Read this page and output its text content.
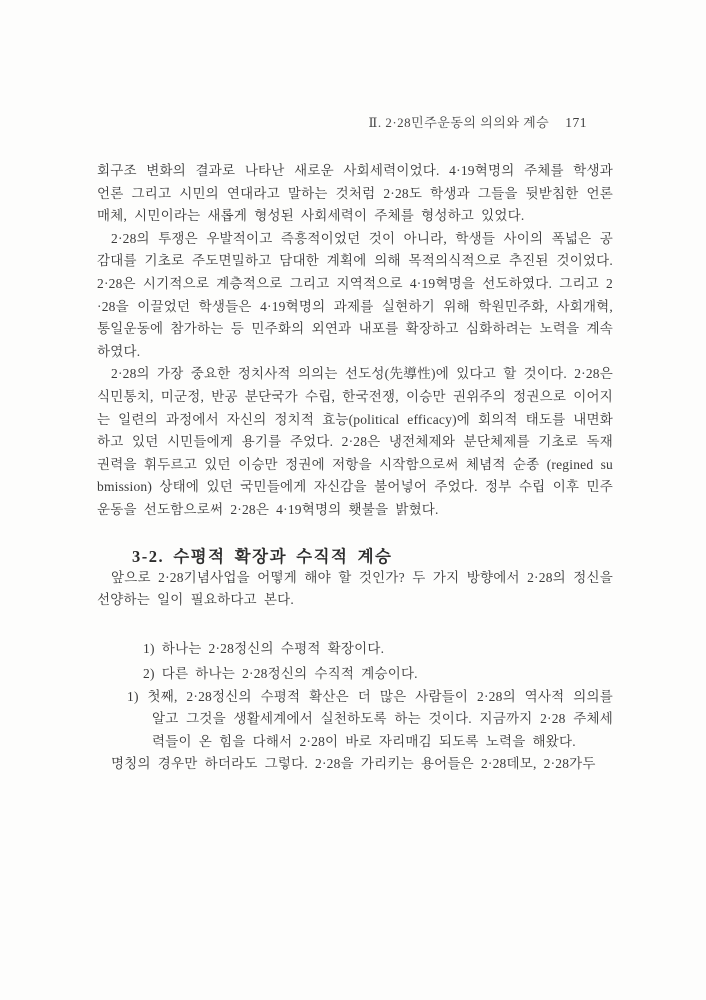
Ⅱ. 2·28민주운동의 의의와 계승 171

회구조 변화의 결과로 나타난 새로운 사회세력이었다. 4·19혁명의 주체를 학생과 언론 그리고 시민의 연대라고 말하는 것처럼 2·28도 학생과 그들을 뒷받침한 언론 매체, 시민이라는 새롭게 형성된 사회세력이 주체를 형성하고 있었다.

2·28의 투쟁은 우발적이고 즉흥적이었던 것이 아니라, 학생들 사이의 폭넓은 공감대를 기초로 주도면밀하고 담대한 계획에 의해 목적의식적으로 추진된 것이었다. 2·28은 시기적으로 계층적으로 그리고 지역적으로 4·19혁명을 선도하였다. 그리고 2·28을 이끌었던 학생들은 4·19혁명의 과제를 실현하기 위해 학원민주화, 사회개혁, 통일운동에 참가하는 등 민주화의 외연과 내포를 확장하고 심화하려는 노력을 계속하였다.

2·28의 가장 중요한 정치사적 의의는 선도성(先導性)에 있다고 할 것이다. 2·28은 식민통치, 미군정, 반공 분단국가 수립, 한국전쟁, 이승만 권위주의 정권으로 이어지는 일련의 과정에서 자신의 정치적 효능(political efficacy)에 회의적 태도를 내면화하고 있던 시민들에게 용기를 주었다. 2·28은 냉전체제와 분단체제를 기초로 독재 권력을 휘두르고 있던 이승만 정권에 저항을 시작함으로써 체념적 순종 (regined submission) 상태에 있던 국민들에게 자신감을 불어넣어 주었다. 정부 수립 이후 민주운동을 선도함으로써 2·28은 4·19혁명의 횃불을 밝혔다.

3-2. 수평적 확장과 수직적 계승

앞으로 2·28기념사업을 어떻게 해야 할 것인가? 두 가지 방향에서 2·28의 정신을 선양하는 일이 필요하다고 본다.

1) 하나는 2·28정신의 수평적 확장이다.

2) 다른 하나는 2·28정신의 수직적 계승이다.

1) 첫째, 2·28정신의 수평적 확산은 더 많은 사람들이 2·28의 역사적 의의를 알고 그것을 생활세계에서 실천하도록 하는 것이다. 지금까지 2·28 주체세력들이 온 힘을 다해서 2·28이 바로 자리매김 되도록 노력을 해왔다.

명칭의 경우만 하더라도 그렇다. 2·28을 가리키는 용어들은 2·28데모, 2·28가두
